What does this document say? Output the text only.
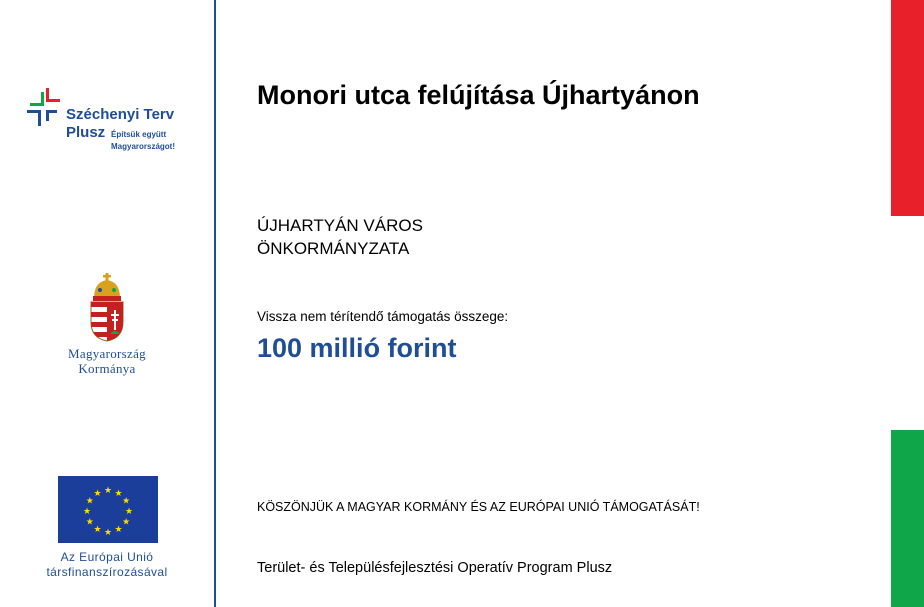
Széchenyi Terv
Plusz Építsük együtt
Magyarországot!
Magyarország
Kormánya
★ ★
★
★
★
★
★
★
★
★
★
★
Az Európai Unió
társfinanszírozásával
Monori utca felújítása Újhartyánon
ÚJHARTYÁN VÁROS
ÖNKORMÁNYZATA
Vissza nem térítendő támogatás összege:
100 millió forint
KÖSZÖNJÜK A MAGYAR KORMÁNY ÉS AZ EURÓPAI UNIÓ TÁMOGATÁSÁT!
Terület- és Településfejlesztési Operatív Program Plusz
